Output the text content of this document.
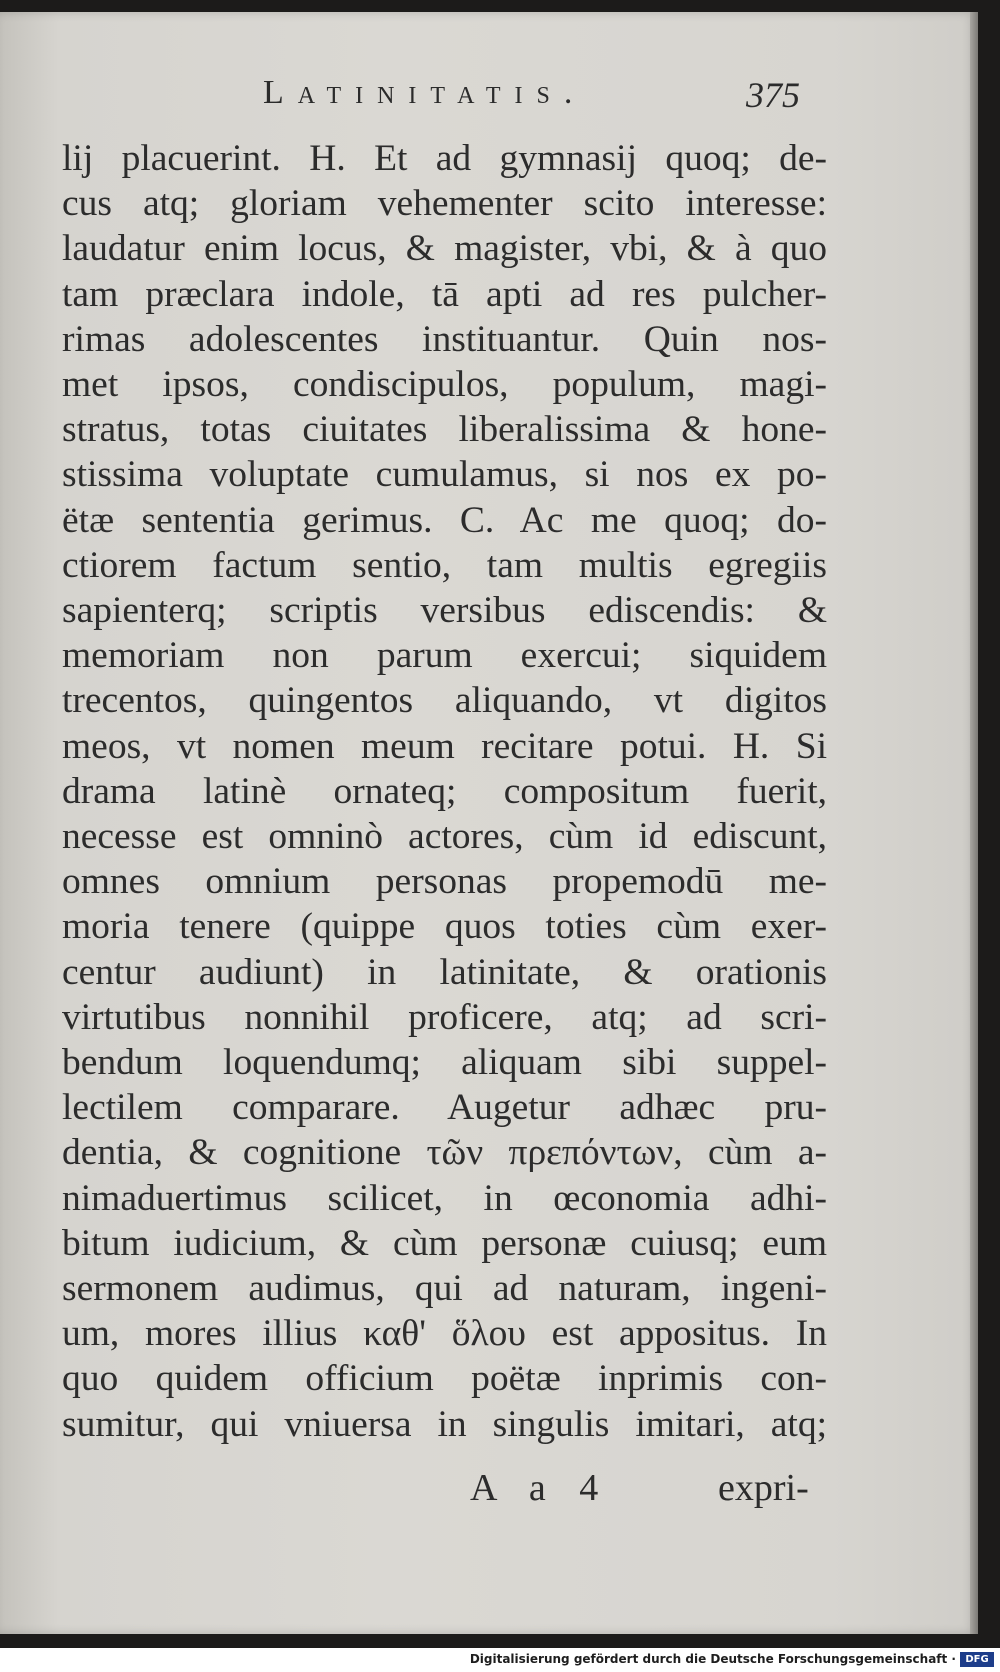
Latinitatis.	375
lij placuerint. H. Et ad gymnasij quoq; de-
cus atq; gloriam vehementer scito interesse:
laudatur enim locus, & magister, vbi, & à quo
tam præclara indole, tā apti ad res pulcher-
rimas adolescentes instituantur. Quin nos-
met ipsos, condiscipulos, populum, magi-
stratus, totas ciuitates liberalissima & hone-
stissima voluptate cumulamus, si nos ex po-
ëtæ sententia gerimus. C. Ac me quoq; do-
ctiorem factum sentio, tam multis egregiis
sapienterq; scriptis versibus ediscendis: &
memoriam non parum exercui; siquidem
trecentos, quingentos aliquando, vt digitos
meos, vt nomen meum recitare potui. H. Si
drama latinè ornateq; compositum fuerit,
necesse est omninò actores, cùm id ediscunt,
omnes omnium personas propemodū me-
moria tenere (quippe quos toties cùm exer-
centur audiunt) in latinitate, & orationis
virtutibus nonnihil proficere, atq; ad scri-
bendum loquendumq; aliquam sibi suppel-
lectilem comparare. Augetur adhæc pru-
dentia, & cognitione τῶν πρεπόντων, cùm a-
nimaduertimus scilicet, in œconomia adhi-
bitum iudicium, & cùm personæ cuiusq; eum
sermonem audimus, qui ad naturam, ingeni-
um, mores illius καθ' ὅλου est appositus. In
quo quidem officium poëtæ inprimis con-
sumitur, qui vniuersa in singulis imitari, atq;
A a 4	expri-
Digitalisierung gefördert durch die Deutsche Forschungsgemeinschaft · DFG
